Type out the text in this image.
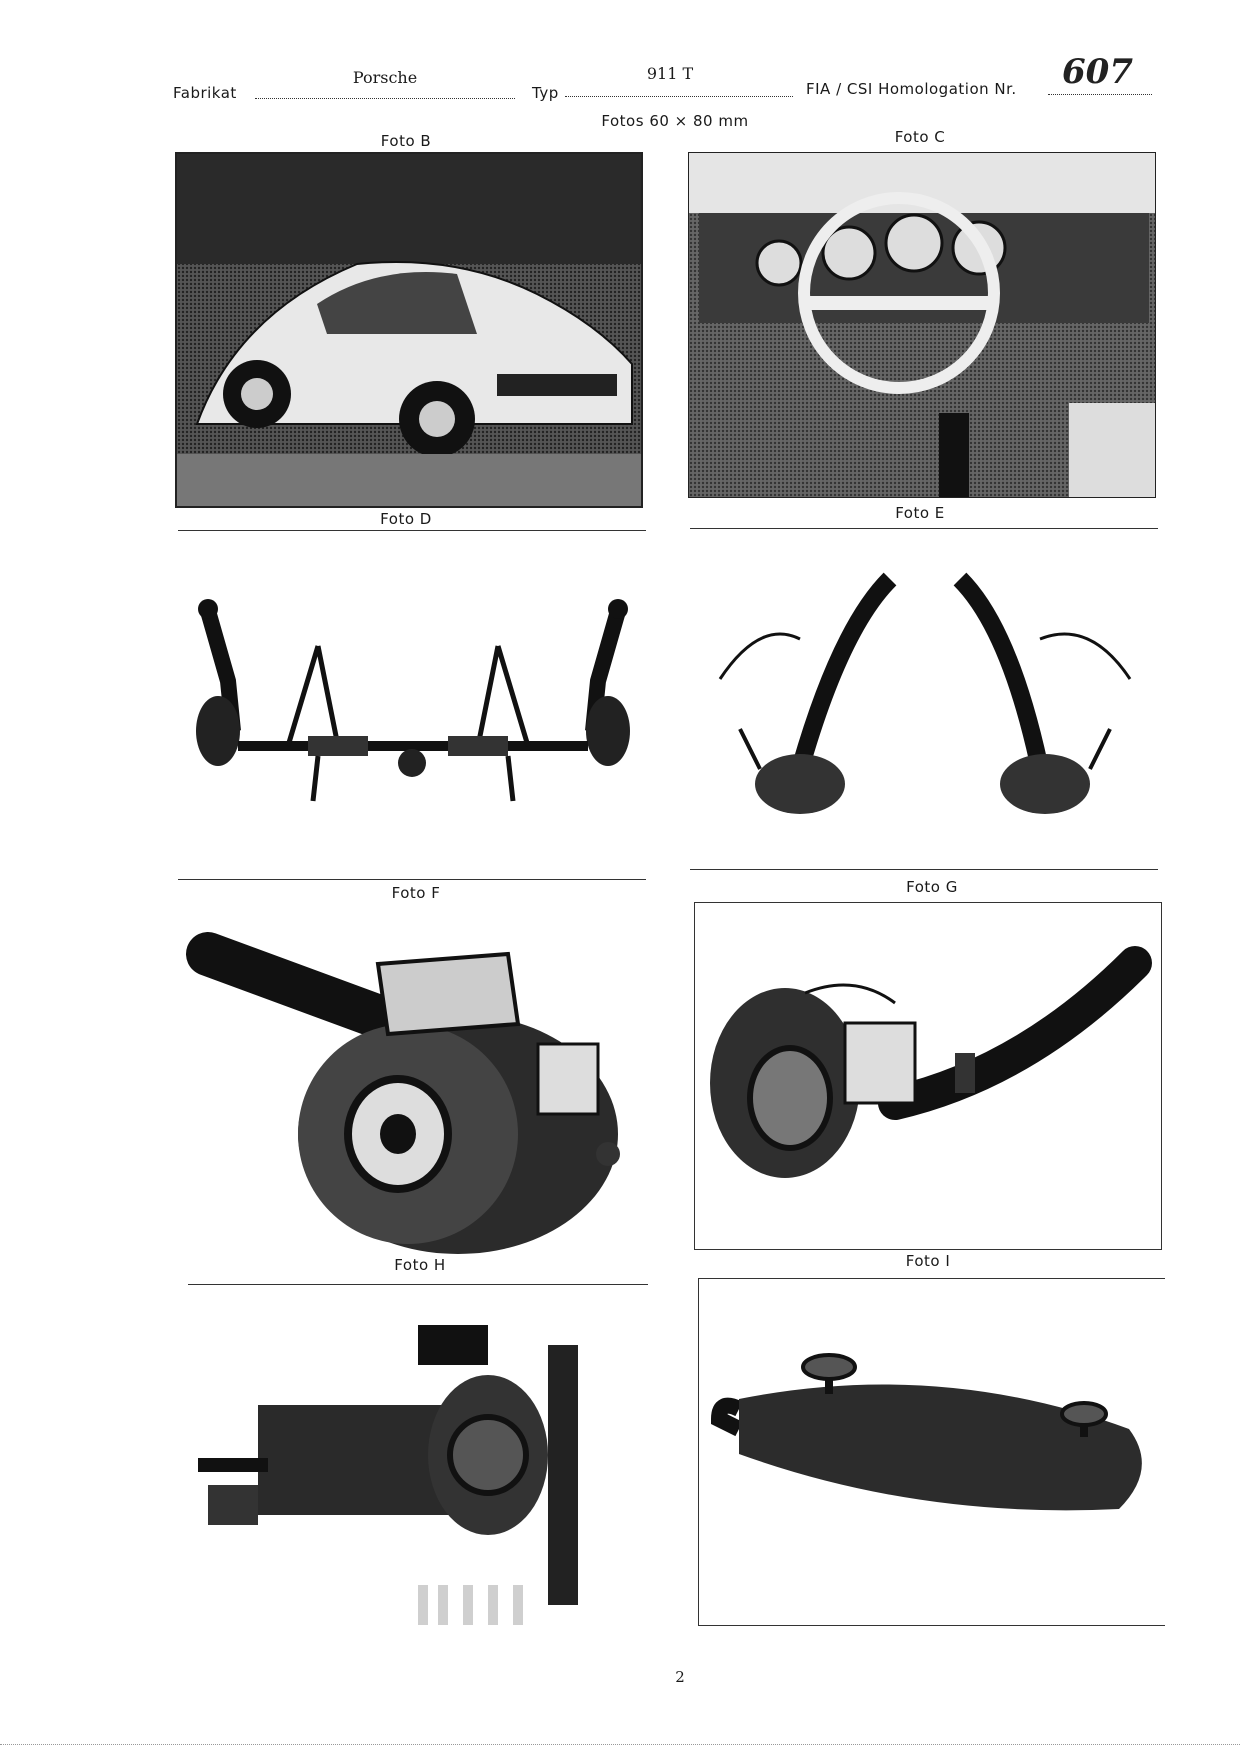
Fabrikat
Porsche
Typ
911 T
FIA / CSI Homologation Nr. 607
Fotos 60 × 80 mm
Foto B	Foto C
Foto D	Foto E
Foto F	Foto G
Foto H	Foto I
2
